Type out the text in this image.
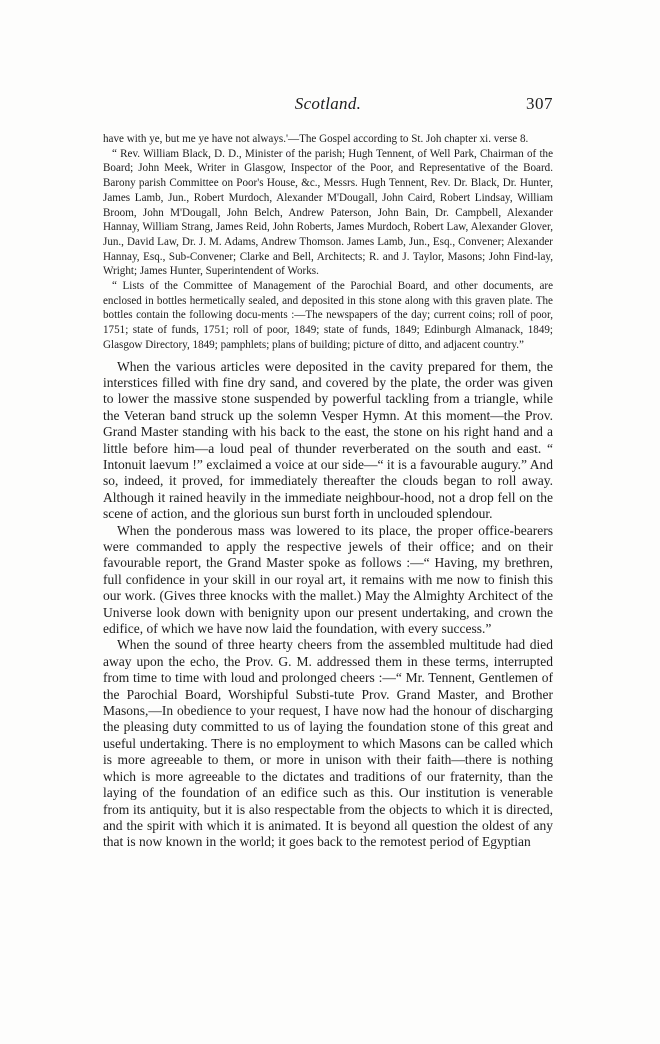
Scotland.	307

have with ye, but me ye have not always.'—The Gospel according to St. Joh chapter xi. verse 8.

“ Rev. William Black, D. D., Minister of the parish; Hugh Tennent, of Well Park, Chairman of the Board; John Meek, Writer in Glasgow, Inspector of the Poor, and Representative of the Board. Barony parish Committee on Poor's House, &c., Messrs. Hugh Tennent, Rev. Dr. Black, Dr. Hunter, James Lamb, Jun., Robert Murdoch, Alexander M'Dougall, John Caird, Robert Lindsay, William Broom, John M'Dougall, John Belch, Andrew Paterson, John Bain, Dr. Campbell, Alexander Hannay, William Strang, James Reid, John Roberts, James Murdoch, Robert Law, Alexander Glover, Jun., David Law, Dr. J. M. Adams, Andrew Thomson. James Lamb, Jun., Esq., Convener; Alexander Hannay, Esq., Sub-Convener; Clarke and Bell, Architects; R. and J. Taylor, Masons; John Find-lay, Wright; James Hunter, Superintendent of Works.

“ Lists of the Committee of Management of the Parochial Board, and other documents, are enclosed in bottles hermetically sealed, and deposited in this stone along with this graven plate. The bottles contain the following docu-ments :—The newspapers of the day; current coins; roll of poor, 1751; state of funds, 1751; roll of poor, 1849; state of funds, 1849; Edinburgh Almanack, 1849; Glasgow Directory, 1849; pamphlets; plans of building; picture of ditto, and adjacent country.”

When the various articles were deposited in the cavity prepared for them, the interstices filled with fine dry sand, and covered by the plate, the order was given to lower the massive stone suspended by powerful tackling from a triangle, while the Veteran band struck up the solemn Vesper Hymn. At this moment—the Prov. Grand Master standing with his back to the east, the stone on his right hand and a little before him—a loud peal of thunder reverberated on the south and east. “ Intonuit laevum !” exclaimed a voice at our side—“ it is a favourable augury.” And so, indeed, it proved, for immediately thereafter the clouds began to roll away. Although it rained heavily in the immediate neighbour-hood, not a drop fell on the scene of action, and the glorious sun burst forth in unclouded splendour.

When the ponderous mass was lowered to its place, the proper office-bearers were commanded to apply the respective jewels of their office; and on their favourable report, the Grand Master spoke as follows :—“ Having, my brethren, full confidence in your skill in our royal art, it remains with me now to finish this our work. (Gives three knocks with the mallet.) May the Almighty Architect of the Universe look down with benignity upon our present undertaking, and crown the edifice, of which we have now laid the foundation, with every success.”

When the sound of three hearty cheers from the assembled multitude had died away upon the echo, the Prov. G. M. addressed them in these terms, interrupted from time to time with loud and prolonged cheers :—“ Mr. Tennent, Gentlemen of the Parochial Board, Worshipful Substi-tute Prov. Grand Master, and Brother Masons,—In obedience to your request, I have now had the honour of discharging the pleasing duty committed to us of laying the foundation stone of this great and useful undertaking. There is no employment to which Masons can be called which is more agreeable to them, or more in unison with their faith—there is nothing which is more agreeable to the dictates and traditions of our fraternity, than the laying of the foundation of an edifice such as this. Our institution is venerable from its antiquity, but it is also respectable from the objects to which it is directed, and the spirit with which it is animated. It is beyond all question the oldest of any that is now known in the world; it goes back to the remotest period of Egyptian
